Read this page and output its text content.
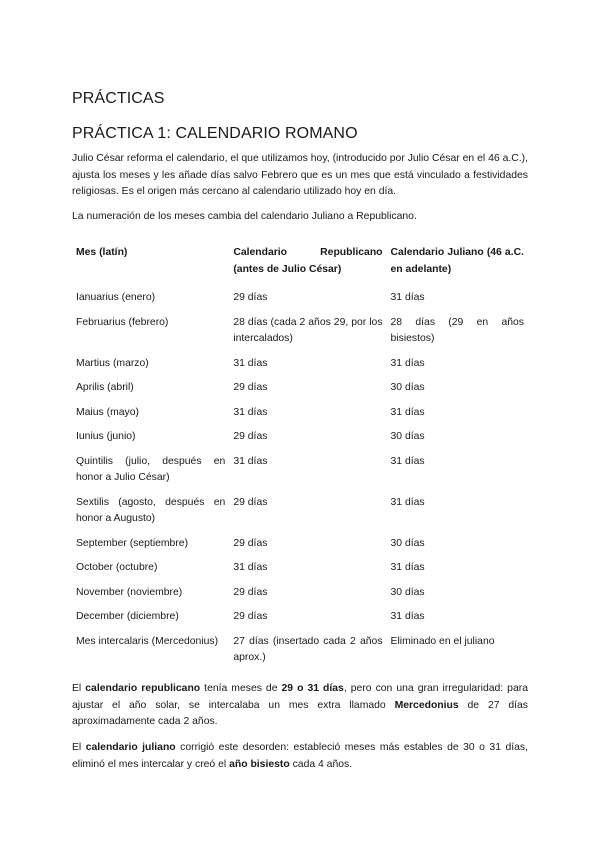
PRÁCTICAS
PRÁCTICA 1: CALENDARIO ROMANO

Julio César reforma el calendario, el que utilizamos hoy, (introducido por Julio César en el 46 a.C.), ajusta los meses y les añade días salvo Febrero que es un mes que está vinculado a festividades religiosas. Es el origen más cercano al calendario utilizado hoy en día.

La numeración de los meses cambia del calendario Juliano a Republicano.

Mes (latín)	Calendario Republicano (antes de Julio César)	Calendario Juliano (46 a.C. en adelante)
Ianuarius (enero)	29 días	31 días
Februarius (febrero)	28 días (cada 2 años 29, por los intercalados)	28 días (29 en años bisiestos)
Martius (marzo)	31 días	31 días
Aprilis (abril)	29 días	30 días
Maius (mayo)	31 días	31 días
Iunius (junio)	29 días	30 días
Quintilis (julio, después en honor a Julio César)	31 días	31 días
Sextilis (agosto, después en honor a Augusto)	29 días	31 días
September (septiembre)	29 días	30 días
October (octubre)	31 días	31 días
November (noviembre)	29 días	30 días
December (diciembre)	29 días	31 días
Mes intercalaris (Mercedonius)	27 días (insertado cada 2 años aprox.)	Eliminado en el juliano

El calendario republicano tenía meses de 29 o 31 días, pero con una gran irregularidad: para ajustar el año solar, se intercalaba un mes extra llamado Mercedonius de 27 días aproximadamente cada 2 años.

El calendario juliano corrigió este desorden: estableció meses más estables de 30 o 31 días, eliminó el mes intercalar y creó el año bisiesto cada 4 años.
